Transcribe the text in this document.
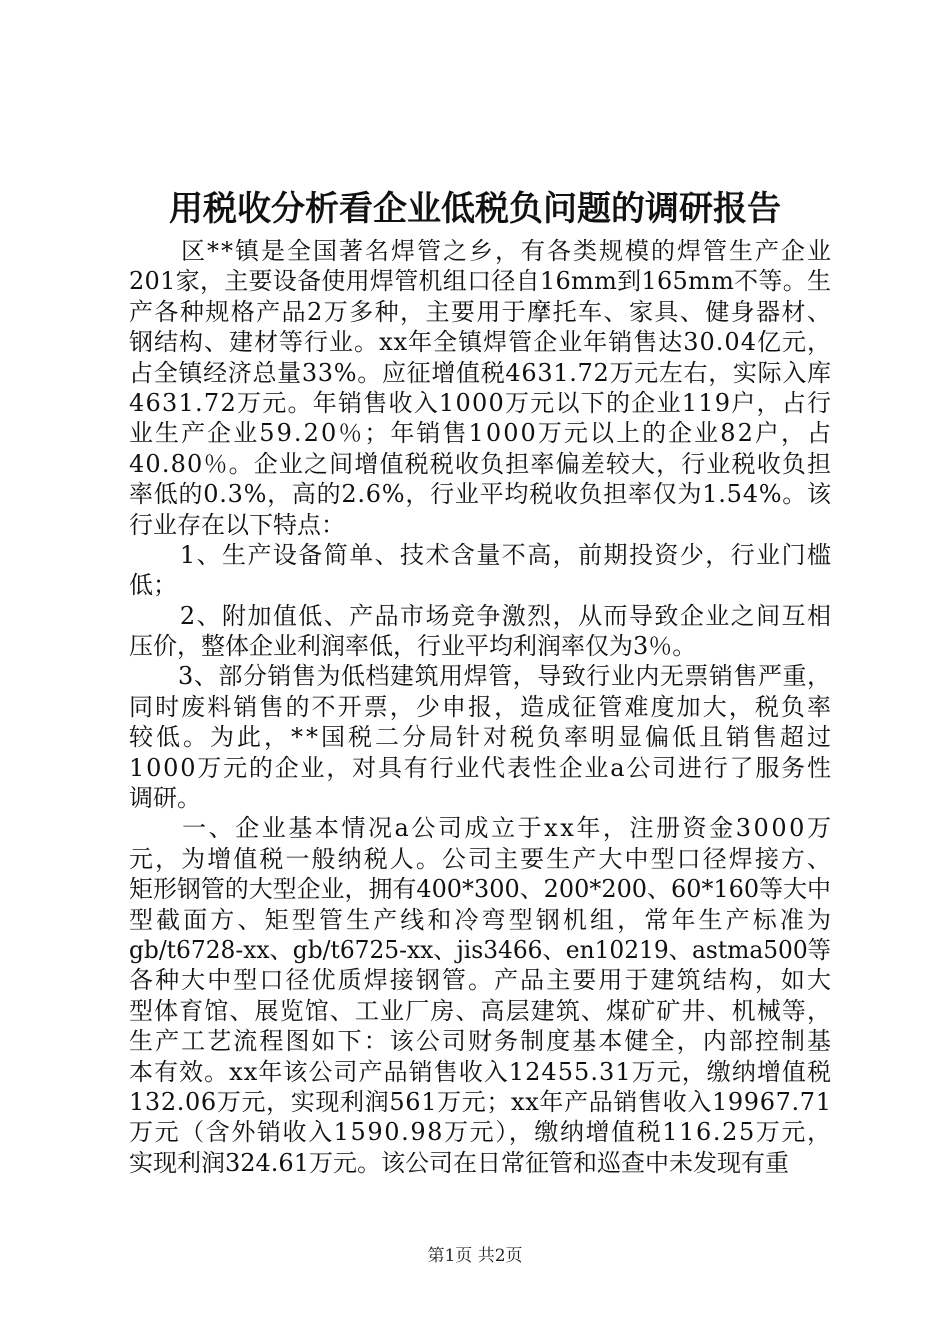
用税收分析看企业低税负问题的调研报告
　　区**镇是全国著名焊管之乡，有各类规模的焊管生产企业
201家，主要设备使用焊管机组口径自16mm到165mm不等。生
产各种规格产品2万多种，主要用于摩托车、家具、健身器材、
钢结构、建材等行业。xx年全镇焊管企业年销售达30.04亿元，
占全镇经济总量33%。应征增值税4631.72万元左右，实际入库
4631.72万元。年销售收入1000万元以下的企业119户，占行
业生产企业59.20％；年销售1000万元以上的企业82户，占
40.80％。企业之间增值税税收负担率偏差较大，行业税收负担
率低的0.3%，高的2.6%，行业平均税收负担率仅为1.54%。该
行业存在以下特点：
　　1、生产设备简单、技术含量不高，前期投资少，行业门槛
低；
　　2、附加值低、产品市场竞争激烈，从而导致企业之间互相
压价，整体企业利润率低，行业平均利润率仅为3％。
　　3、部分销售为低档建筑用焊管，导致行业内无票销售严重，
同时废料销售的不开票，少申报，造成征管难度加大，税负率
较低。为此，**国税二分局针对税负率明显偏低且销售超过
1000万元的企业，对具有行业代表性企业a公司进行了服务性
调研。
　　一、企业基本情况a公司成立于xx年，注册资金3000万
元，为增值税一般纳税人。公司主要生产大中型口径焊接方、
矩形钢管的大型企业，拥有400*300、200*200、60*160等大中
型截面方、矩型管生产线和冷弯型钢机组，常年生产标准为
gb/t6728-xx、gb/t6725-xx、jis3466、en10219、astma500等
各种大中型口径优质焊接钢管。产品主要用于建筑结构，如大
型体育馆、展览馆、工业厂房、高层建筑、煤矿矿井、机械等，
生产工艺流程图如下：该公司财务制度基本健全，内部控制基
本有效。xx年该公司产品销售收入12455.31万元，缴纳增值税
132.06万元，实现利润561万元；xx年产品销售收入19967.71
万元（含外销收入1590.98万元），缴纳增值税116.25万元，
实现利润324.61万元。该公司在日常征管和巡查中未发现有重
第1页 共2页
